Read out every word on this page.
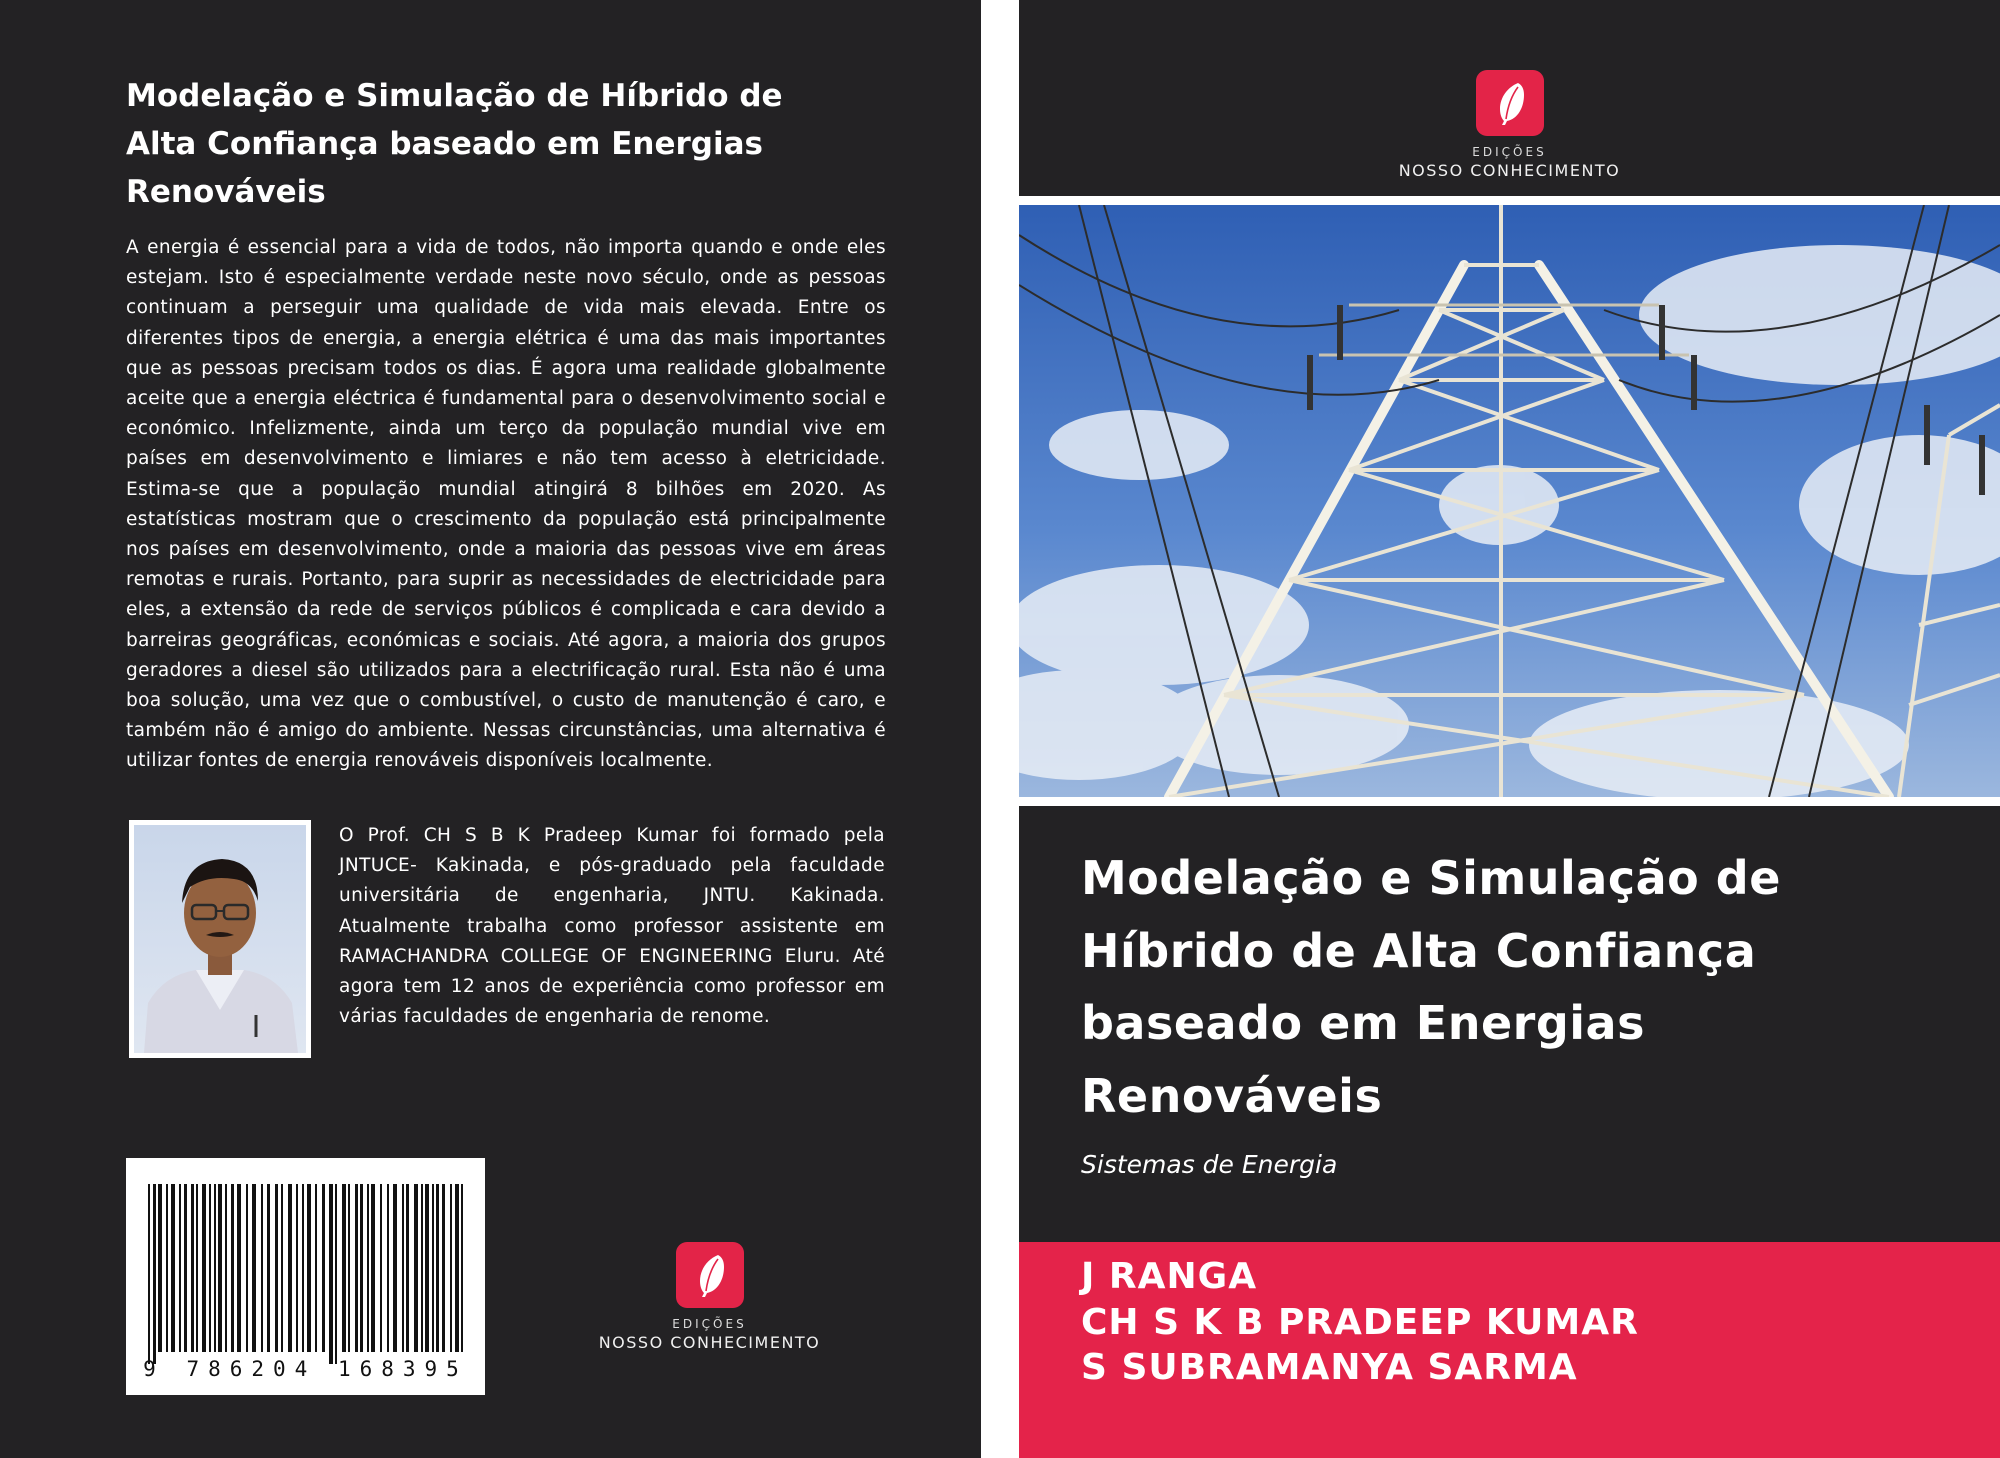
Modelação e Simulação de Híbrido de Alta Confiança baseado em Energias Renováveis

A energia é essencial para a vida de todos, não importa quando e onde eles estejam. Isto é especialmente verdade neste novo século, onde as pessoas continuam a perseguir uma qualidade de vida mais elevada. Entre os diferentes tipos de energia, a energia elétrica é uma das mais importantes que as pessoas precisam todos os dias. É agora uma realidade globalmente aceite que a energia eléctrica é fundamental para o desenvolvimento social e económico. Infelizmente, ainda um terço da população mundial vive em países em desenvolvimento e limiares e não tem acesso à eletricidade. Estima-se que a população mundial atingirá 8 bilhões em 2020. As estatísticas mostram que o crescimento da população está principalmente nos países em desenvolvimento, onde a maioria das pessoas vive em áreas remotas e rurais. Portanto, para suprir as necessidades de electricidade para eles, a extensão da rede de serviços públicos é complicada e cara devido a barreiras geográficas, económicas e sociais. Até agora, a maioria dos grupos geradores a diesel são utilizados para a electrificação rural. Esta não é uma boa solução, uma vez que o combustível, o custo de manutenção é caro, e também não é amigo do ambiente. Nessas circunstâncias, uma alternativa é utilizar fontes de energia renováveis disponíveis localmente.

O Prof. CH S B K Pradeep Kumar foi formado pela JNTUCE- Kakinada, e pós-graduado pela faculdade universitária de engenharia, JNTU. Kakinada. Atualmente trabalha como professor assistente em RAMACHANDRA COLLEGE OF ENGINEERING Eluru. Até agora tem 12 anos de experiência como professor em várias faculdades de engenharia de renome.

9 786204 168395
EDIÇÕES
NOSSO CONHECIMENTO
EDIÇÕES
NOSSO CONHECIMENTO
Modelação e Simulação de Híbrido de Alta Confiança baseado em Energias Renováveis

Sistemas de Energia

J RANGA
CH S K B PRADEEP KUMAR
S SUBRAMANYA SARMA
